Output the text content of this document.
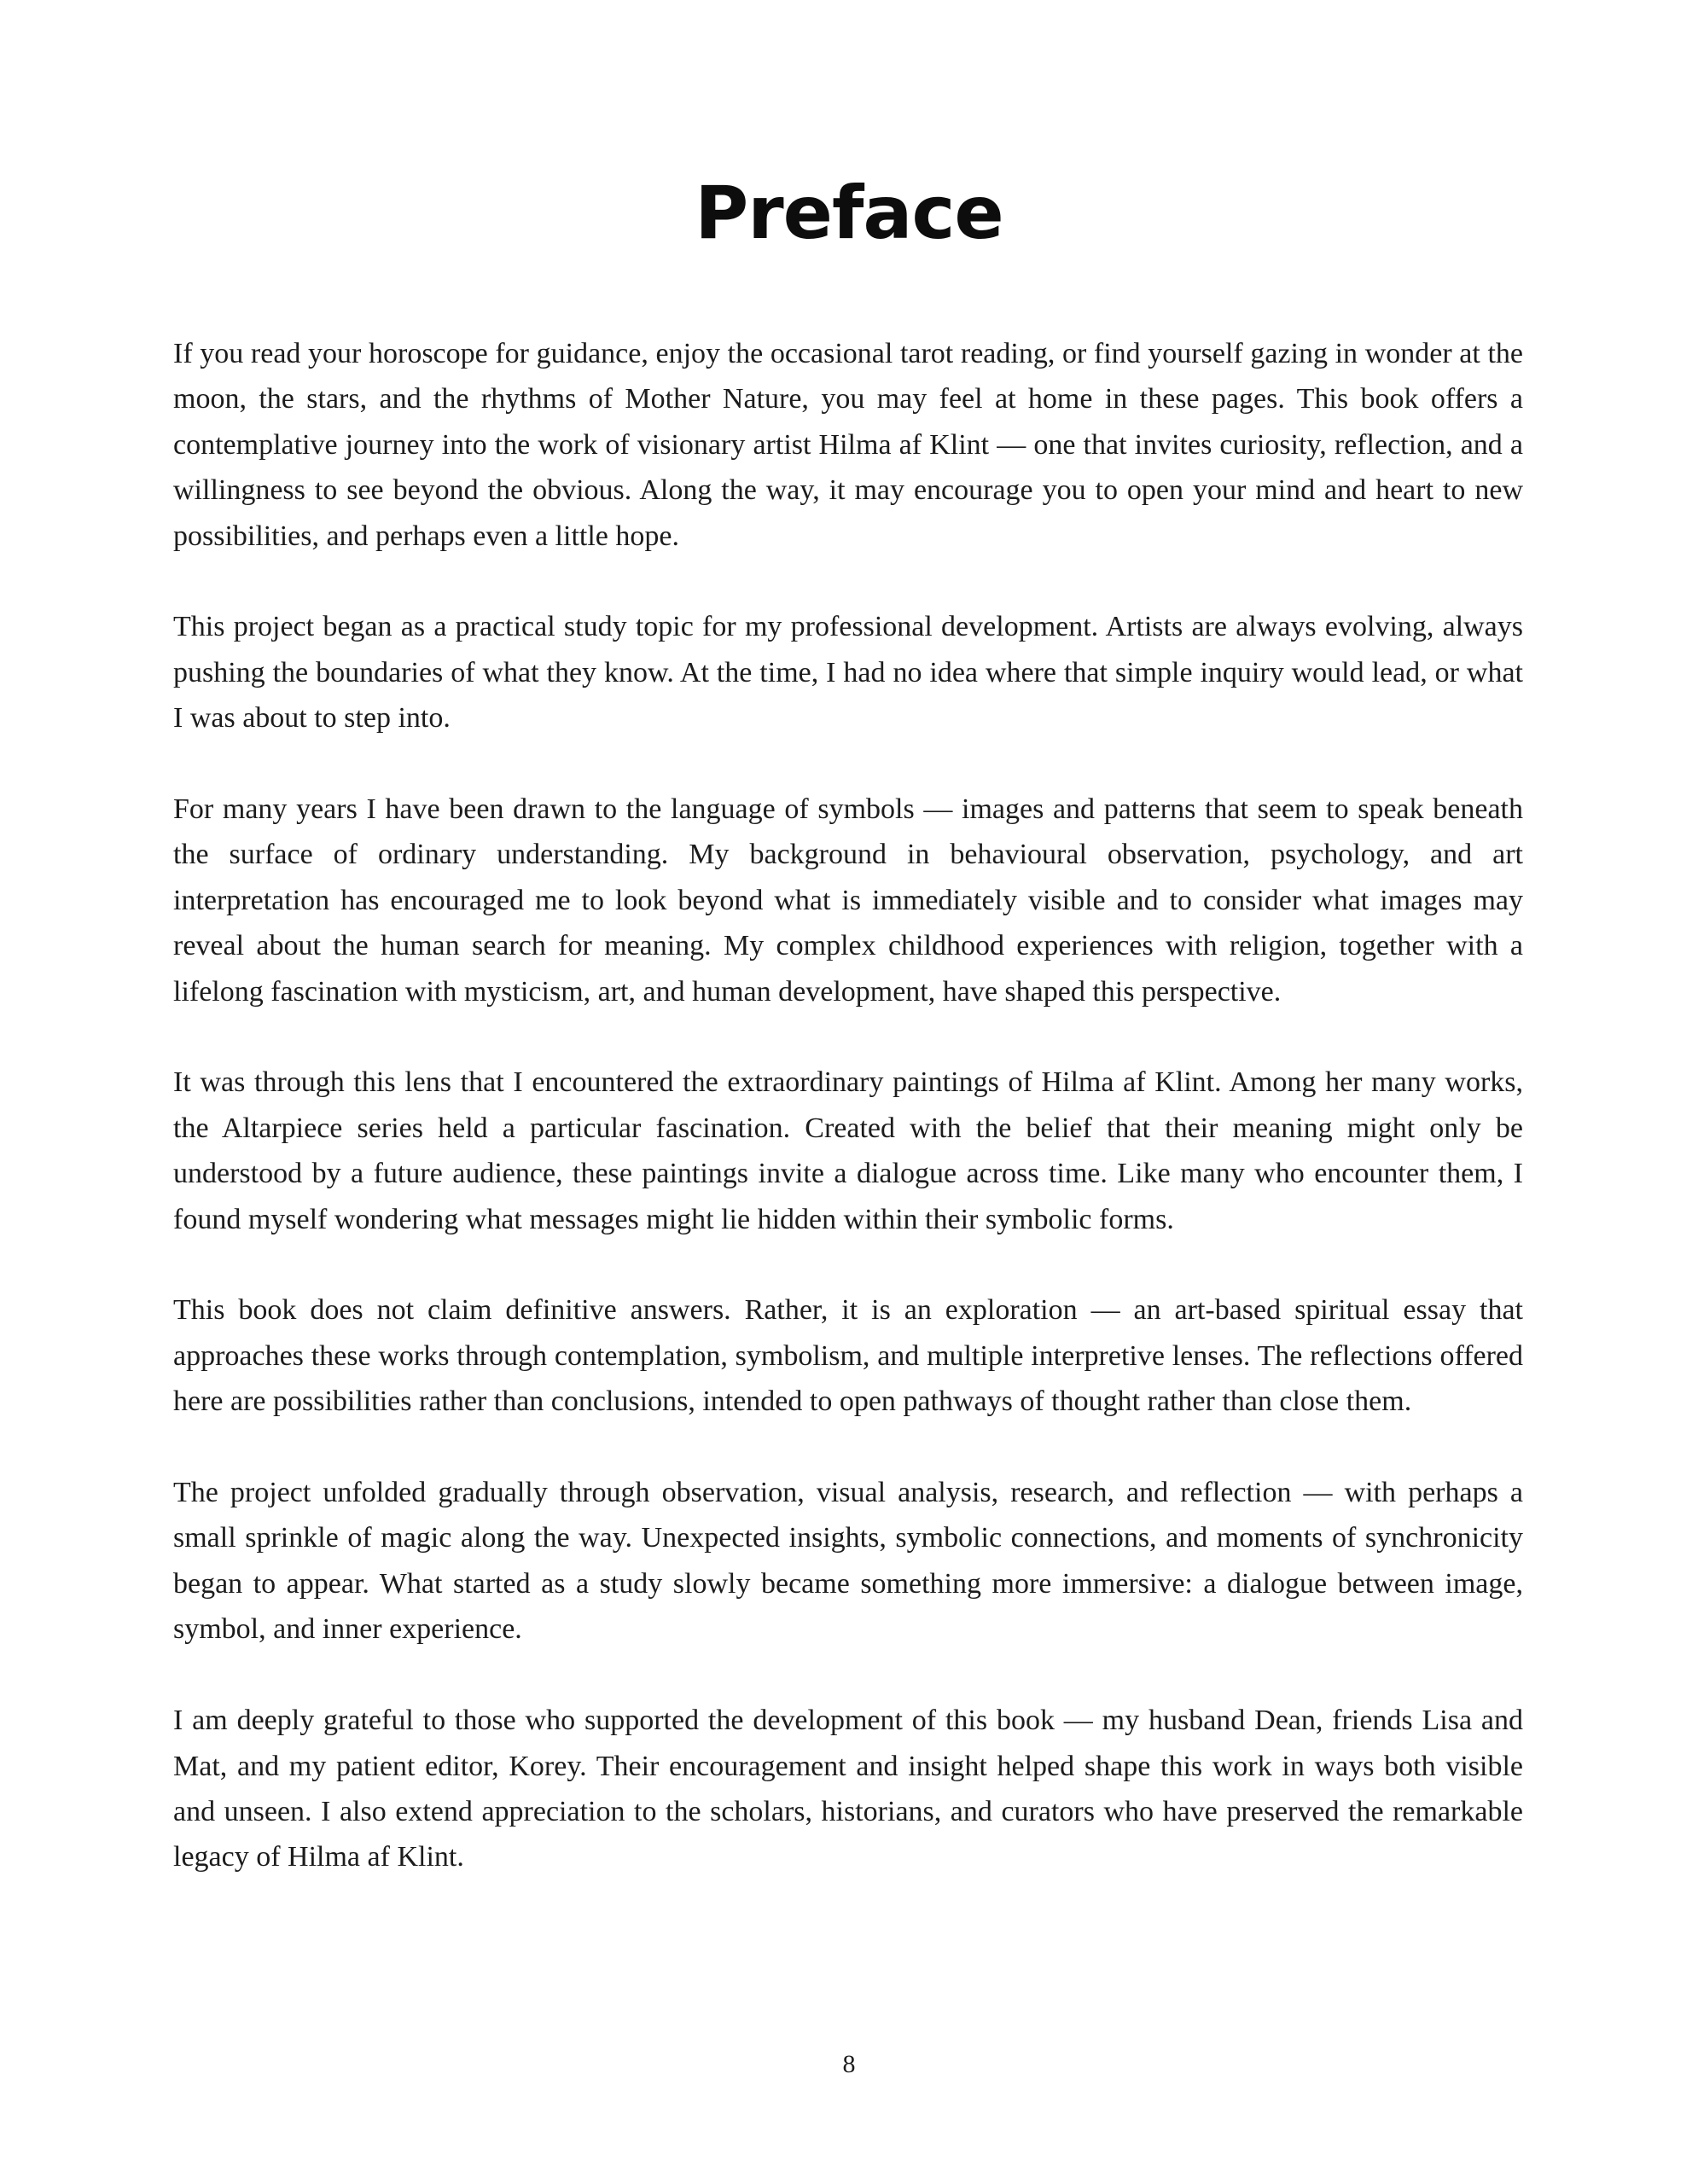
Preface

If you read your horoscope for guidance, enjoy the occasional tarot reading, or find yourself gazing in wonder at the moon, the stars, and the rhythms of Mother Nature, you may feel at home in these pages. This book offers a contemplative journey into the work of visionary artist Hilma af Klint — one that invites curiosity, reflection, and a willingness to see beyond the obvious. Along the way, it may encourage you to open your mind and heart to new possibilities, and perhaps even a little hope.

This project began as a practical study topic for my professional development. Artists are always evolving, always pushing the boundaries of what they know. At the time, I had no idea where that simple inquiry would lead, or what I was about to step into.

For many years I have been drawn to the language of symbols — images and patterns that seem to speak beneath the surface of ordinary understanding. My background in behavioural observation, psychology, and art interpretation has encouraged me to look beyond what is immediately visible and to consider what images may reveal about the human search for meaning. My complex childhood experiences with religion, together with a lifelong fascination with mysticism, art, and human development, have shaped this perspective.

It was through this lens that I encountered the extraordinary paintings of Hilma af Klint. Among her many works, the Altarpiece series held a particular fascination. Created with the belief that their meaning might only be understood by a future audience, these paintings invite a dialogue across time. Like many who encounter them, I found myself wondering what messages might lie hidden within their symbolic forms.

This book does not claim definitive answers. Rather, it is an exploration — an art-based spiritual essay that approaches these works through contemplation, symbolism, and multiple interpretive lenses. The reflections offered here are possibilities rather than conclusions, intended to open pathways of thought rather than close them.

The project unfolded gradually through observation, visual analysis, research, and reflection — with perhaps a small sprinkle of magic along the way. Unexpected insights, symbolic connections, and moments of synchronicity began to appear. What started as a study slowly became something more immersive: a dialogue between image, symbol, and inner experience.

I am deeply grateful to those who supported the development of this book — my husband Dean, friends Lisa and Mat, and my patient editor, Korey. Their encouragement and insight helped shape this work in ways both visible and unseen. I also extend appreciation to the scholars, historians, and curators who have preserved the remarkable legacy of Hilma af Klint.

8
